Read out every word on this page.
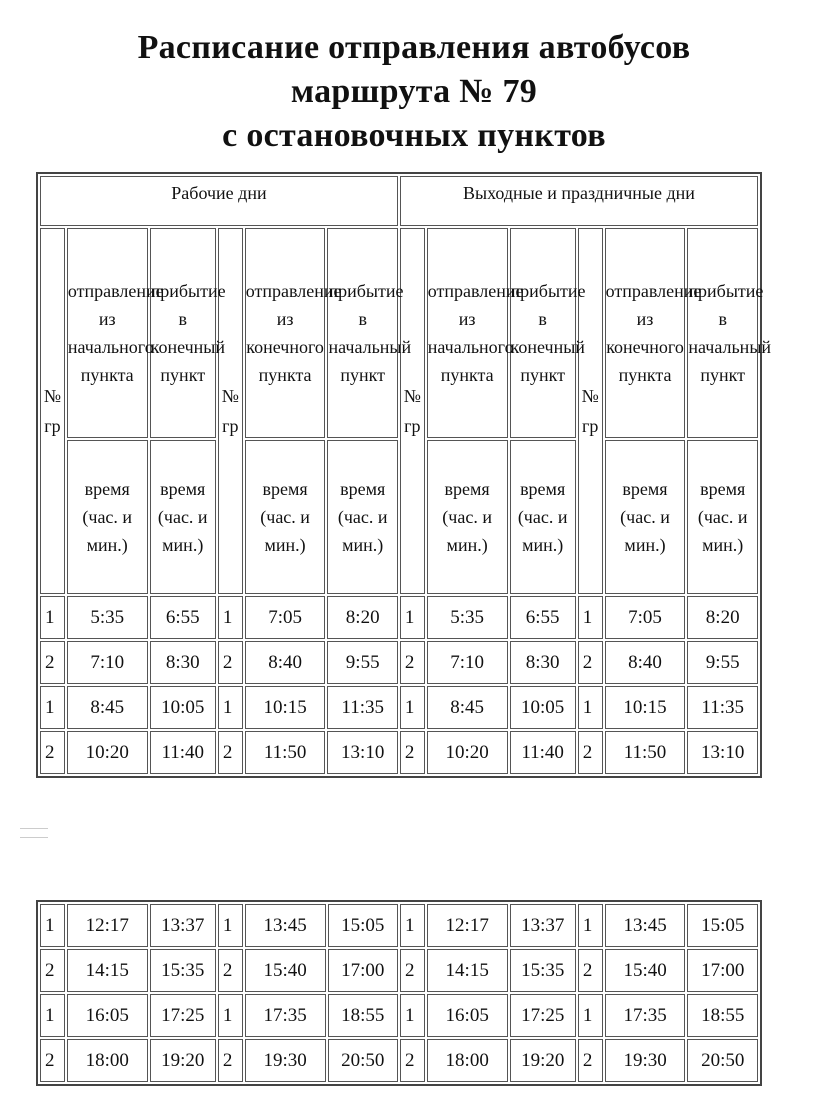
Расписание отправления автобусов
маршрута № 79
с остановочных пунктов
Рабочие дни						Выходные и праздничные дни					
№ гр	отправление из начального пункта	прибытие в конечный пункт	№ гр	отправление из конечного пункта	прибытие в начальный пункт	№ гр	отправление из начального пункта	прибытие в конечный пункт	№ гр	отправление из конечного пункта	прибытие в начальный пункт
	время (час. и мин.)	время (час. и мин.)		время (час. и мин.)	время (час. и мин.)		время (час. и мин.)	время (час. и мин.)		время (час. и мин.)	время (час. и мин.)
1	5:35	6:55	1	7:05	8:20	1	5:35	6:55	1	7:05	8:20
2	7:10	8:30	2	8:40	9:55	2	7:10	8:30	2	8:40	9:55
1	8:45	10:05	1	10:15	11:35	1	8:45	10:05	1	10:15	11:35
2	10:20	11:40	2	11:50	13:10	2	10:20	11:40	2	11:50	13:10
1	12:17	13:37	1	13:45	15:05	1	12:17	13:37	1	13:45	15:05
2	14:15	15:35	2	15:40	17:00	2	14:15	15:35	2	15:40	17:00
1	16:05	17:25	1	17:35	18:55	1	16:05	17:25	1	17:35	18:55
2	18:00	19:20	2	19:30	20:50	2	18:00	19:20	2	19:30	20:50
